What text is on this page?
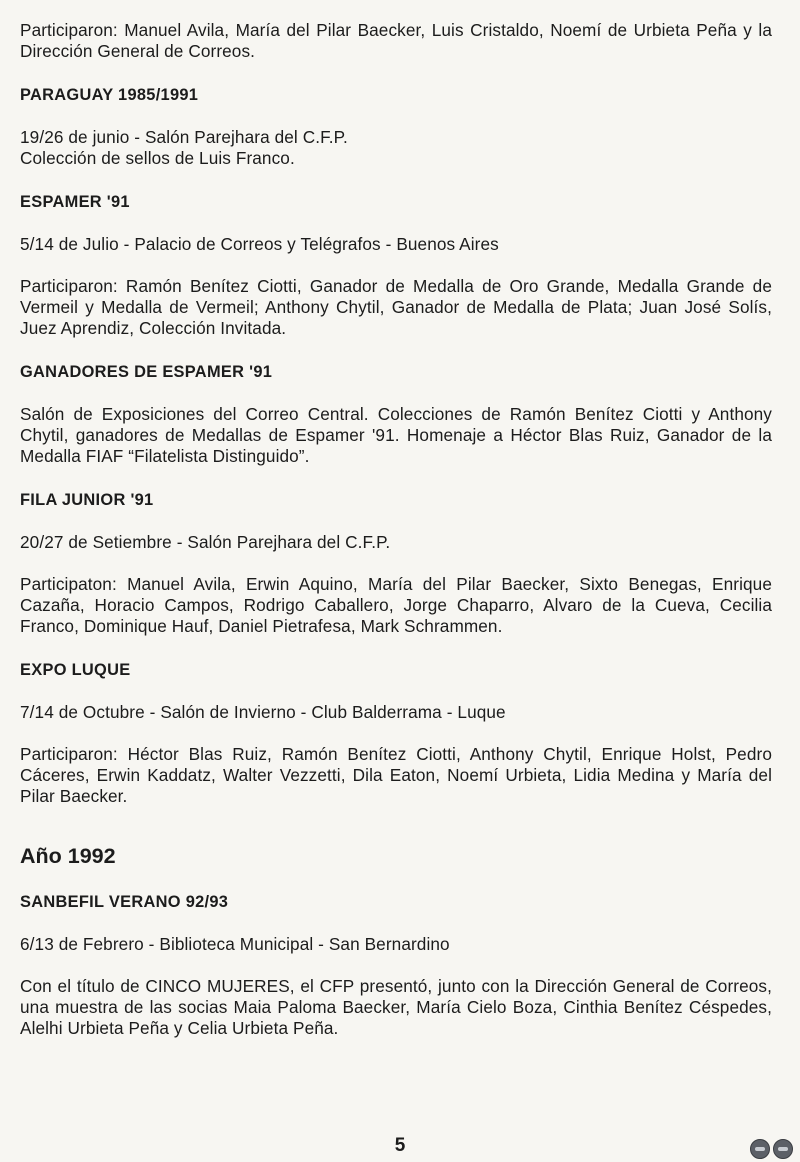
Participaron: Manuel Avila, María del Pilar Baecker, Luis Cristaldo, Noemí de Urbieta Peña y la Dirección General de Correos.

PARAGUAY 1985/1991

19/26 de junio - Salón Parejhara del C.F.P.
Colección de sellos de Luis Franco.

ESPAMER '91

5/14 de Julio - Palacio de Correos y Telégrafos - Buenos Aires

Participaron: Ramón Benítez Ciotti, Ganador de Medalla de Oro Grande, Medalla Grande de Vermeil y Medalla de Vermeil; Anthony Chytil, Ganador de Medalla de Plata; Juan José Solís, Juez Aprendiz, Colección Invitada.

GANADORES DE ESPAMER '91

Salón de Exposiciones del Correo Central. Colecciones de Ramón Benítez Ciotti y Anthony Chytil, ganadores de Medallas de Espamer '91. Homenaje a Héctor Blas Ruiz, Ganador de la Medalla FIAF “Filatelista Distinguido”.

FILA JUNIOR '91

20/27 de Setiembre - Salón Parejhara del C.F.P.

Participaton: Manuel Avila, Erwin Aquino, María del Pilar Baecker, Sixto Benegas, Enrique Cazaña, Horacio Campos, Rodrigo Caballero, Jorge Chaparro, Alvaro de la Cueva, Cecilia Franco, Dominique Hauf, Daniel Pietrafesa, Mark Schrammen.

EXPO LUQUE

7/14 de Octubre - Salón de Invierno - Club Balderrama - Luque

Participaron: Héctor Blas Ruiz, Ramón Benítez Ciotti, Anthony Chytil, Enrique Holst, Pedro Cáceres, Erwin Kaddatz, Walter Vezzetti, Dila Eaton, Noemí Urbieta, Lidia Medina y María del Pilar Baecker.

Año 1992
SANBEFIL VERANO 92/93

6/13 de Febrero - Biblioteca Municipal - San Bernardino

Con el título de CINCO MUJERES, el CFP presentó, junto con la Dirección General de Correos, una muestra de las socias Maia Paloma Baecker, María Cielo Boza, Cinthia Benítez Céspedes, Alelhi Urbieta Peña y Celia Urbieta Peña.

5
